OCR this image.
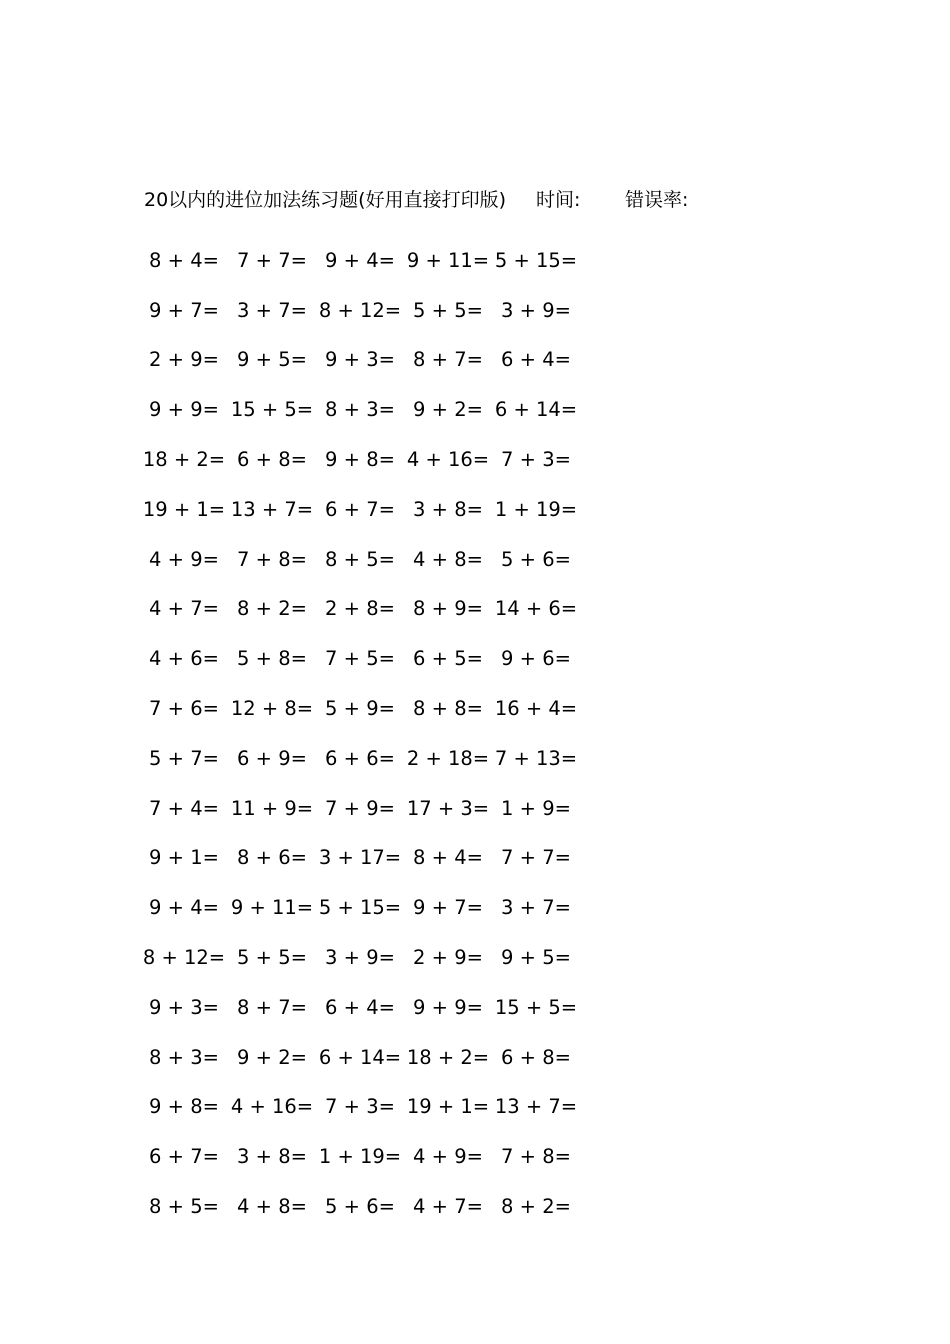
20以内的进位加法练习题(好用直接打印版) 时间: 错误率:
8 + 4= 7 + 7= 9 + 4= 9 + 11= 5 + 15=
9 + 7= 3 + 7= 8 + 12= 5 + 5= 3 + 9=
2 + 9= 9 + 5= 9 + 3= 8 + 7= 6 + 4=
9 + 9= 15 + 5= 8 + 3= 9 + 2= 6 + 14=
18 + 2= 6 + 8= 9 + 8= 4 + 16= 7 + 3=
19 + 1= 13 + 7= 6 + 7= 3 + 8= 1 + 19=
4 + 9= 7 + 8= 8 + 5= 4 + 8= 5 + 6=
4 + 7= 8 + 2= 2 + 8= 8 + 9= 14 + 6=
4 + 6= 5 + 8= 7 + 5= 6 + 5= 9 + 6=
7 + 6= 12 + 8= 5 + 9= 8 + 8= 16 + 4=
5 + 7= 6 + 9= 6 + 6= 2 + 18= 7 + 13=
7 + 4= 11 + 9= 7 + 9= 17 + 3= 1 + 9=
9 + 1= 8 + 6= 3 + 17= 8 + 4= 7 + 7=
9 + 4= 9 + 11= 5 + 15= 9 + 7= 3 + 7=
8 + 12= 5 + 5= 3 + 9= 2 + 9= 9 + 5=
9 + 3= 8 + 7= 6 + 4= 9 + 9= 15 + 5=
8 + 3= 9 + 2= 6 + 14= 18 + 2= 6 + 8=
9 + 8= 4 + 16= 7 + 3= 19 + 1= 13 + 7=
6 + 7= 3 + 8= 1 + 19= 4 + 9= 7 + 8=
8 + 5= 4 + 8= 5 + 6= 4 + 7= 8 + 2=
